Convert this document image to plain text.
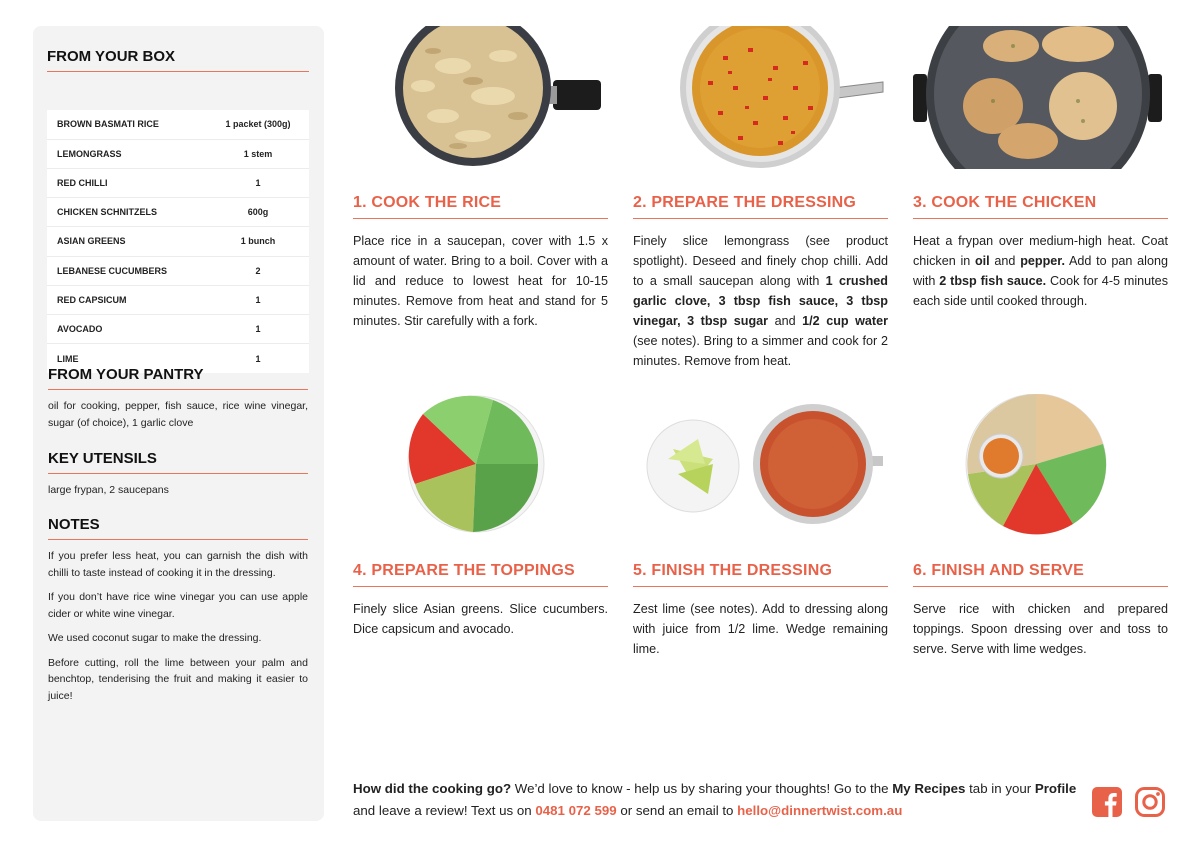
FROM YOUR BOX
BROWN BASMATI RICE	1 packet (300g)
LEMONGRASS	1 stem
RED CHILLI	1
CHICKEN SCHNITZELS	600g
ASIAN GREENS	1 bunch
LEBANESE CUCUMBERS	2
RED CAPSICUM	1
AVOCADO	1
LIME	1
FROM YOUR PANTRY

oil for cooking, pepper, fish sauce, rice wine vinegar, sugar (of choice), 1 garlic clove

KEY UTENSILS

large frypan, 2 saucepans

NOTES

If you prefer less heat, you can garnish the dish with chilli to taste instead of cooking it in the dressing.

If you don’t have rice wine vinegar you can use apple cider or white wine vinegar.

We used coconut sugar to make the dressing.

Before cutting, roll the lime between your palm and benchtop, tenderising the fruit and making it easier to juice!

1. COOK THE RICE

Place rice in a saucepan, cover with 1.5 x amount of water. Bring to a boil. Cover with a lid and reduce to lowest heat for 10-15 minutes. Remove from heat and stand for 5 minutes. Stir carefully with a fork.

2. PREPARE THE DRESSING

Finely slice lemongrass (see product spotlight). Deseed and finely chop chilli. Add to a small saucepan along with 1 crushed garlic clove, 3 tbsp fish sauce, 3 tbsp vinegar, 3 tbsp sugar and 1/2 cup water (see notes). Bring to a simmer and cook for 2 minutes. Remove from heat.

3. COOK THE CHICKEN

Heat a frypan over medium-high heat. Coat chicken in oil and pepper. Add to pan along with 2 tbsp fish sauce. Cook for 4-5 minutes each side until cooked through.

4. PREPARE THE TOPPINGS

Finely slice Asian greens. Slice cucumbers. Dice capsicum and avocado.

5. FINISH THE DRESSING

Zest lime (see notes). Add to dressing along with juice from 1/2 lime. Wedge remaining lime.

6. FINISH AND SERVE

Serve rice with chicken and prepared toppings. Spoon dressing over and toss to serve. Serve with lime wedges.

How did the cooking go? We’d love to know - help us by sharing your thoughts! Go to the My Recipes tab in your Profile and leave a review! Text us on 0481 072 599 or send an email to hello@dinnertwist.com.au
